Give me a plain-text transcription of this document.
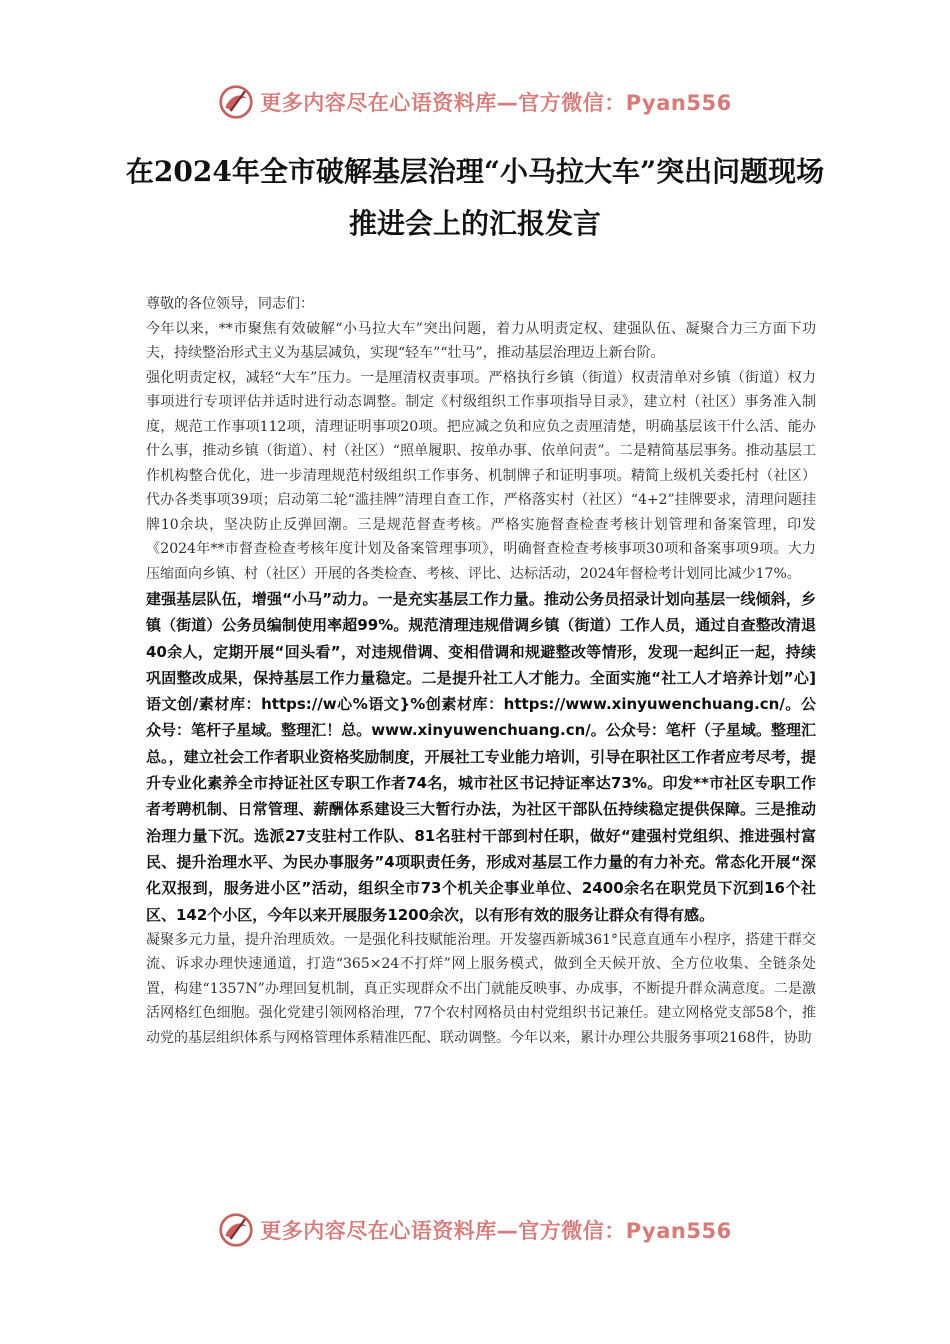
更多内容尽在心语资料库—官方微信：Pyan556
在2024年全市破解基层治理“小马拉大车”突出问题现场推进会上的汇报发言

尊敬的各位领导，同志们：

今年以来，**市聚焦有效破解“小马拉大车”突出问题，着力从明责定权、建强队伍、凝聚合力三方面下功夫，持续整治形式主义为基层减负，实现“轻车”“壮马”，推动基层治理迈上新台阶。

强化明责定权，减轻“大车”压力。一是厘清权责事项。严格执行乡镇（街道）权责清单对乡镇（街道）权力事项进行专项评估并适时进行动态调整。制定《村级组织工作事项指导目录》，建立村（社区）事务准入制度，规范工作事项112项，清理证明事项20项。把应减之负和应负之责厘清楚，明确基层该干什么活、能办什么事，推动乡镇（街道）、村（社区）“照单履职、按单办事、依单问责”。二是精简基层事务。推动基层工作机构整合优化，进一步清理规范村级组织工作事务、机制牌子和证明事项。精简上级机关委托村（社区）代办各类事项39项；启动第二轮“滥挂牌”清理自查工作，严格落实村（社区）“4+2”挂牌要求，清理问题挂牌10余块，坚决防止反弹回潮。三是规范督查考核。严格实施督查检查考核计划管理和备案管理，印发《2024年**市督查检查考核年度计划及备案管理事项》，明确督查检查考核事项30项和备案事项9项。大力压缩面向乡镇、村（社区）开展的各类检查、考核、评比、达标活动，2024年督检考计划同比减少17%。

建强基层队伍，增强“小马”动力。一是充实基层工作力量。推动公务员招录计划向基层一线倾斜，乡镇（街道）公务员编制使用率超99%。规范清理违规借调乡镇（街道）工作人员，通过自查整改清退40余人，定期开展“回头看”，对违规借调、变相借调和规避整改等情形，发现一起纠正一起，持续巩固整改成果，保持基层工作力量稳定。二是提升社工人才能力。全面实施“社工人才培养计划”心]语文创/素材库：https://w心%语文}%创素材库：https://www.xinyuwenchuang.cn/。公众号：笔杆子星域。整理汇！总。www.xinyuwenchuang.cn/。公众号：笔杆（子星域。整理汇总。，建立社会工作者职业资格奖励制度，开展社工专业能力培训，引导在职社区工作者应考尽考，提升专业化素养全市持证社区专职工作者74名，城市社区书记持证率达73%。印发**市社区专职工作者考聘机制、日常管理、薪酬体系建设三大暂行办法，为社区干部队伍持续稳定提供保障。三是推动治理力量下沉。选派27支驻村工作队、81名驻村干部到村任职，做好“建强村党组织、推进强村富民、提升治理水平、为民办事服务”4项职责任务，形成对基层工作力量的有力补充。常态化开展“深化双报到，服务进小区”活动，组织全市73个机关企事业单位、2400余名在职党员下沉到16个社区、142个小区，今年以来开展服务1200余次，以有形有效的服务让群众有得有感。

凝聚多元力量，提升治理质效。一是强化科技赋能治理。开发鋆西新城361°民意直通车小程序，搭建干群交流、诉求办理快速通道，打造“365×24不打烊”网上服务模式，做到全天候开放、全方位收集、全链条处置，构建“1357N”办理回复机制，真正实现群众不出门就能反映事、办成事，不断提升群众满意度。二是激活网格红色细胞。强化党建引领网格治理，77个农村网格员由村党组织书记兼任。建立网格党支部58个，推动党的基层组织体系与网格管理体系精准匹配、联动调整。今年以来，累计办理公共服务事项2168件，协助

更多内容尽在心语资料库—官方微信：Pyan556
